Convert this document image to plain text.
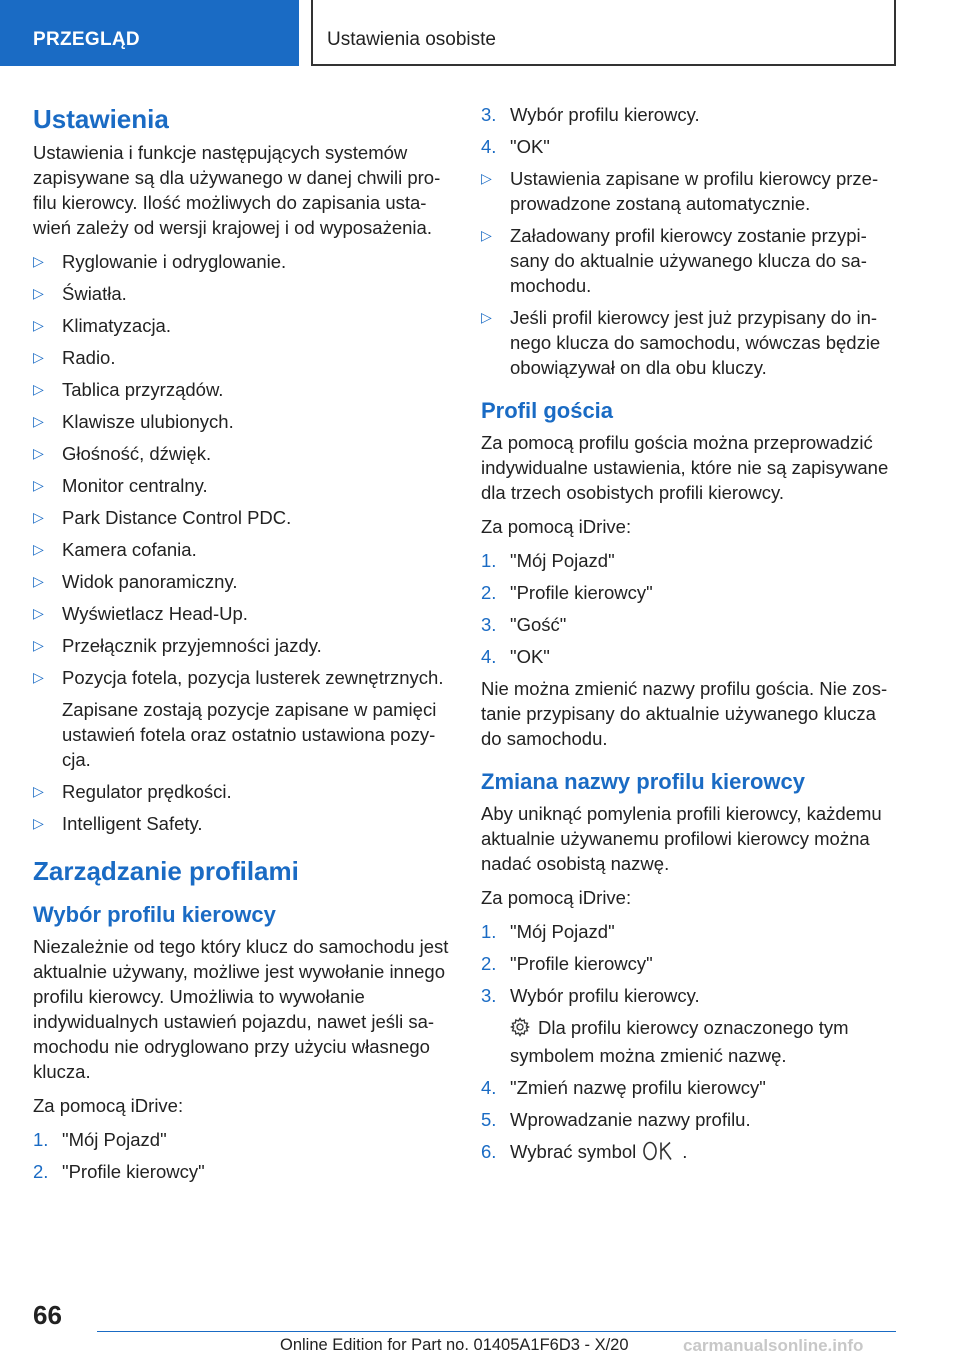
PRZEGLĄD	Ustawienia osobiste
Ustawienia

Ustawienia i funkcje następujących systemów zapisywane są dla używanego w danej chwili profilu kierowcy. Ilość możliwych do zapisania ustawień zależy od wersji krajowej i od wyposażenia.

▷ Ryglowanie i odryglowanie.
▷ Światła.
▷ Klimatyzacja.
▷ Radio.
▷ Tablica przyrządów.
▷ Klawisze ulubionych.
▷ Głośność, dźwięk.
▷ Monitor centralny.
▷ Park Distance Control PDC.
▷ Kamera cofania.
▷ Widok panoramiczny.
▷ Wyświetlacz Head-Up.
▷ Przełącznik przyjemności jazdy.
▷ Pozycja fotela, pozycja lusterek zewnętrznych.

Zapisane zostają pozycje zapisane w pamięci ustawień fotela oraz ostatnio ustawiona pozycja.

▷ Regulator prędkości.
▷ Intelligent Safety.
Zarządzanie profilami
Wybór profilu kierowcy

Niezależnie od tego który klucz do samochodu jest aktualnie używany, możliwe jest wywołanie innego profilu kierowcy. Umożliwia to wywołanie indywidualnych ustawień pojazdu, nawet jeśli samochodu nie odryglowano przy użyciu własnego klucza.

Za pomocą iDrive:

1. "Mój Pojazd"
2. "Profile kierowcy"
3. Wybór profilu kierowcy.
4. "OK"
▷ Ustawienia zapisane w profilu kierowcy przeprowadzone zostaną automatycznie.
▷ Załadowany profil kierowcy zostanie przypisany do aktualnie używanego klucza do samochodu.
▷ Jeśli profil kierowcy jest już przypisany do innego klucza do samochodu, wówczas będzie obowiązywał on dla obu kluczy.
Profil gościa

Za pomocą profilu gościa można przeprowadzić indywidualne ustawienia, które nie są zapisywane dla trzech osobistych profili kierowcy.

Za pomocą iDrive:

1. "Mój Pojazd"
2. "Profile kierowcy"
3. "Gość"
4. "OK"

Nie można zmienić nazwy profilu gościa. Nie zostanie przypisany do aktualnie używanego klucza do samochodu.

Zmiana nazwy profilu kierowcy

Aby uniknąć pomylenia profili kierowcy, każdemu aktualnie używanemu profilowi kierowcy można nadać osobistą nazwę.

Za pomocą iDrive:

1. "Mój Pojazd"
2. "Profile kierowcy"
3. Wybór profilu kierowcy.

Dla profilu kierowcy oznaczonego tym symbolem można zmienić nazwę.

4. "Zmień nazwę profilu kierowcy"
5. Wprowadzanie nazwy profilu.
6. Wybrać symbol .
66
Online Edition for Part no. 01405A1F6D3 - X/20	carmanualsonline.info
